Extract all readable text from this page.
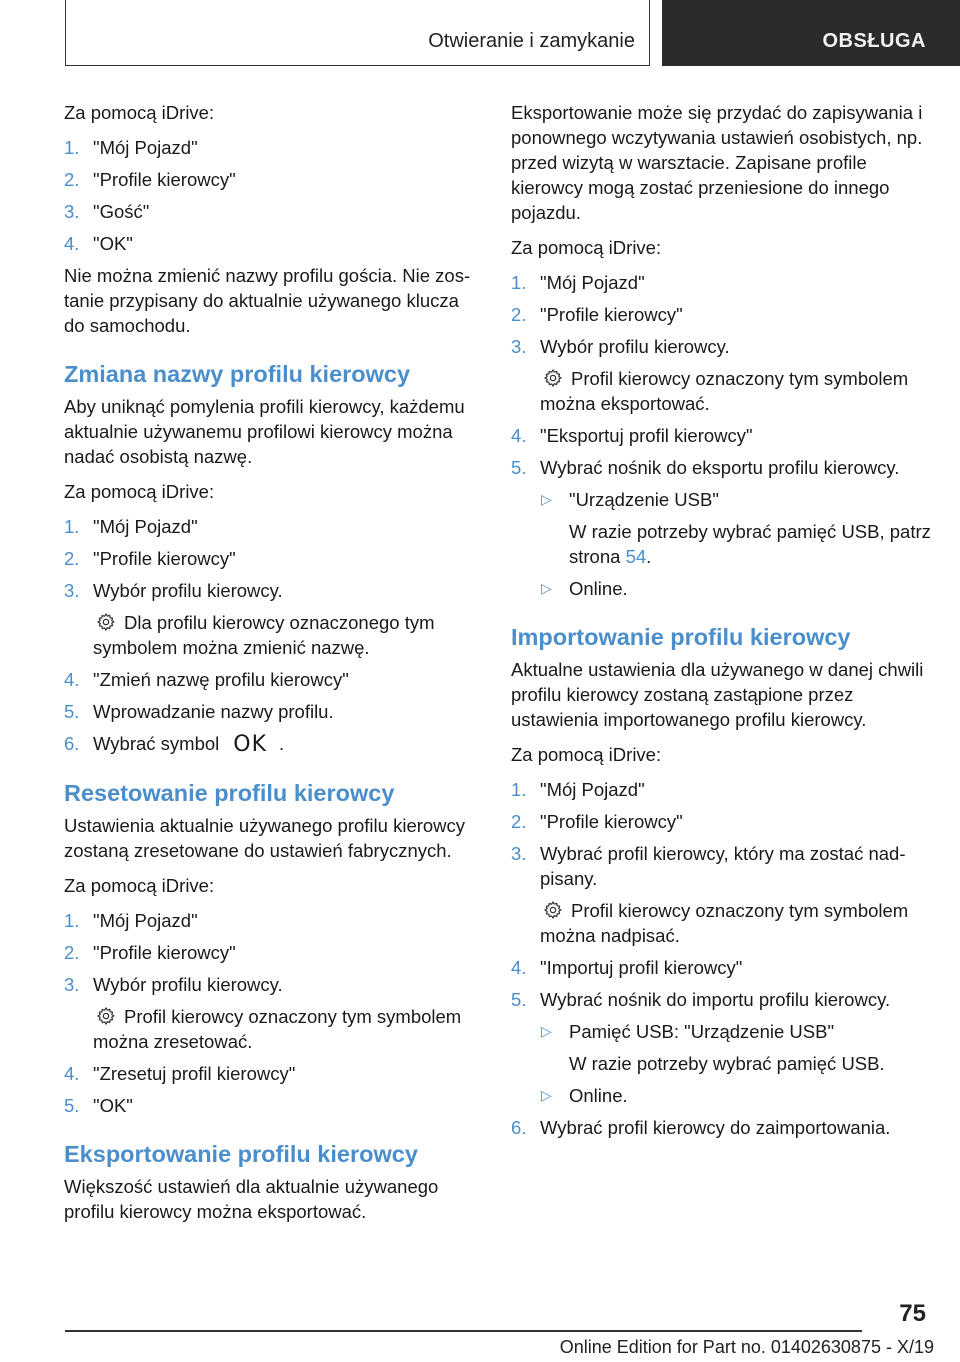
Otwieranie i zamykanie	OBSŁUGA

Za pomocą iDrive:

1. "Mój Pojazd"
2. "Profile kierowcy"
3. "Gość"
4. "OK"

Nie można zmienić nazwy profilu gościa. Nie zostanie przypisany do aktualnie używanego klucza do samochodu.

Zmiana nazwy profilu kierowcy

Aby uniknąć pomylenia profili kierowcy, każdemu aktualnie używanemu profilowi kierowcy można nadać osobistą nazwę.

Za pomocą iDrive:

1. "Mój Pojazd"
2. "Profile kierowcy"
3. Wybór profilu kierowcy.
Dla profilu kierowcy oznaczonego tym symbolem można zmienić nazwę.
4. "Zmień nazwę profilu kierowcy"
5. Wprowadzanie nazwy profilu.
6. Wybrać symbol OK .
Resetowanie profilu kierowcy

Ustawienia aktualnie używanego profilu kierowcy zostaną zresetowane do ustawień fabrycznych.

Za pomocą iDrive:

1. "Mój Pojazd"
2. "Profile kierowcy"
3. Wybór profilu kierowcy.
Profil kierowcy oznaczony tym symbolem można zresetować.
4. "Zresetuj profil kierowcy"
5. "OK"
Eksportowanie profilu kierowcy

Większość ustawień dla aktualnie używanego profilu kierowcy można eksportować.

Eksportowanie może się przydać do zapisywania i ponownego wczytywania ustawień osobistych, np. przed wizytą w warsztacie. Zapisane profile kierowcy mogą zostać przeniesione do innego pojazdu.

Za pomocą iDrive:

1. "Mój Pojazd"
2. "Profile kierowcy"
3. Wybór profilu kierowcy.
Profil kierowcy oznaczony tym symbolem można eksportować.
4. "Eksportuj profil kierowcy"
5. Wybrać nośnik do eksportu profilu kierowcy.
▷ "Urządzenie USB"
W razie potrzeby wybrać pamięć USB, patrz strona 54.
▷ Online.
Importowanie profilu kierowcy

Aktualne ustawienia dla używanego w danej chwili profilu kierowcy zostaną zastąpione przez ustawienia importowanego profilu kierowcy.

Za pomocą iDrive:

1. "Mój Pojazd"
2. "Profile kierowcy"
3. Wybrać profil kierowcy, który ma zostać nadpisany.
Profil kierowcy oznaczony tym symbolem można nadpisać.
4. "Importuj profil kierowcy"
5. Wybrać nośnik do importu profilu kierowcy.
▷ Pamięć USB: "Urządzenie USB"
W razie potrzeby wybrać pamięć USB.
▷ Online.
6. Wybrać profil kierowcy do zaimportowania.
75
Online Edition for Part no. 01402630875 - X/19
